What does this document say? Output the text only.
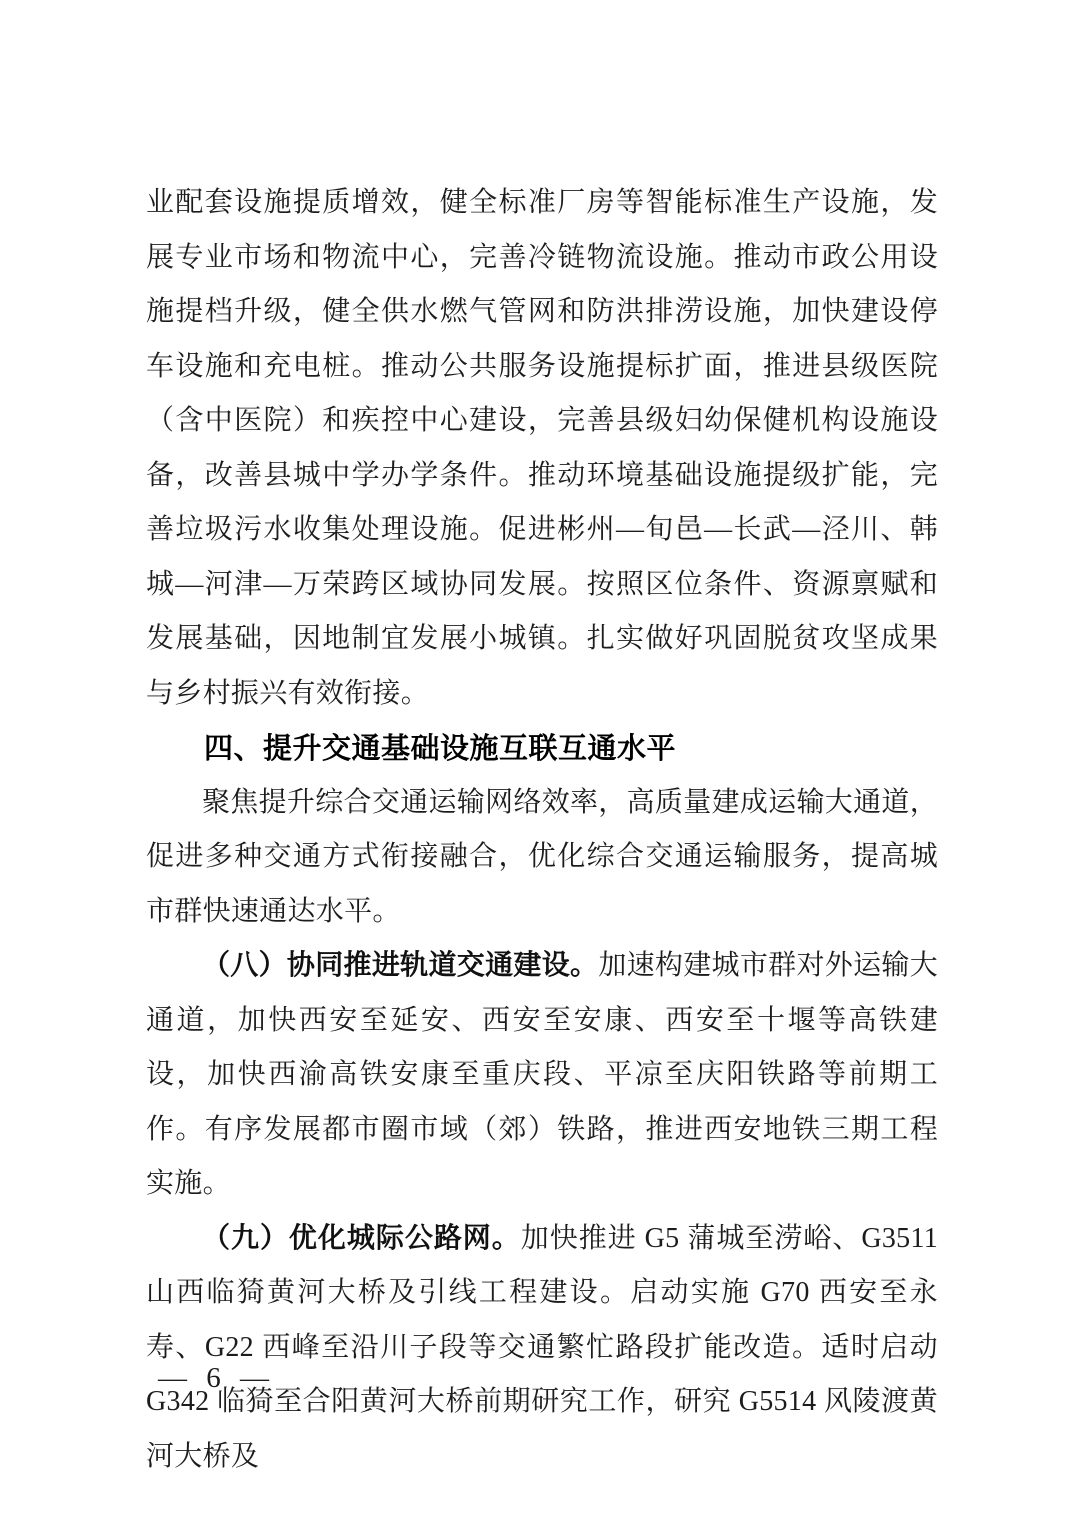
业配套设施提质增效，健全标准厂房等智能标准生产设施，发展专业市场和物流中心，完善冷链物流设施。推动市政公用设施提档升级，健全供水燃气管网和防洪排涝设施，加快建设停车设施和充电桩。推动公共服务设施提标扩面，推进县级医院（含中医院）和疾控中心建设，完善县级妇幼保健机构设施设备，改善县城中学办学条件。推动环境基础设施提级扩能，完善垃圾污水收集处理设施。促进彬州—旬邑—长武—泾川、韩城—河津—万荣跨区域协同发展。按照区位条件、资源禀赋和发展基础，因地制宜发展小城镇。扎实做好巩固脱贫攻坚成果与乡村振兴有效衔接。

四、提升交通基础设施互联互通水平

聚焦提升综合交通运输网络效率，高质量建成运输大通道，促进多种交通方式衔接融合，优化综合交通运输服务，提高城市群快速通达水平。

（八）协同推进轨道交通建设。加速构建城市群对外运输大通道，加快西安至延安、西安至安康、西安至十堰等高铁建设，加快西渝高铁安康至重庆段、平凉至庆阳铁路等前期工作。有序发展都市圈市域（郊）铁路，推进西安地铁三期工程实施。

（九）优化城际公路网。加快推进 G5 蒲城至涝峪、G3511 山西临猗黄河大桥及引线工程建设。启动实施 G70 西安至永寿、G22 西峰至沿川子段等交通繁忙路段扩能改造。适时启动 G342 临猗至合阳黄河大桥前期研究工作，研究 G5514 风陵渡黄河大桥及

— 6 —
